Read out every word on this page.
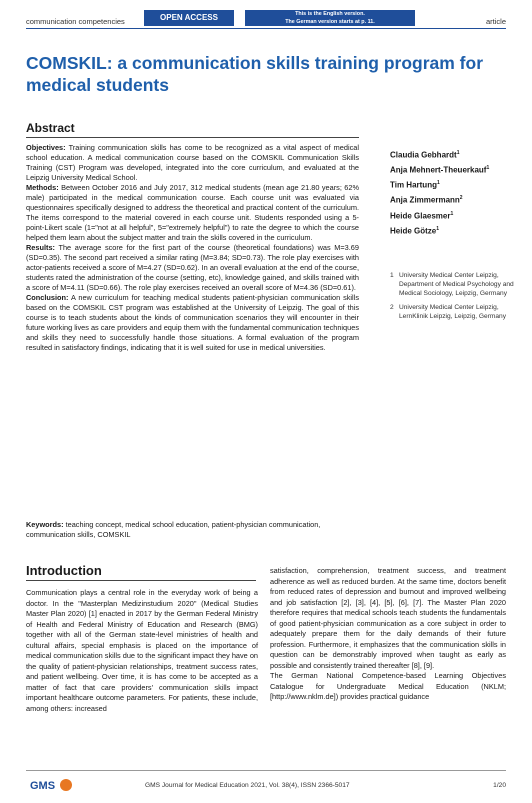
communication competencies	OPEN ACCESS	This is the English version.
The German version starts at p. 11.	article
COMSKIL: a communication skills training program for medical students
Abstract

Objectives: Training communication skills has come to be recognized as a vital aspect of medical school education. A medical communication course based on the COMSKIL Communication Skills Training (CST) Program was developed, integrated into the core curriculum, and evaluated at the Leipzig University Medical School.

Methods: Between October 2016 and July 2017, 312 medical students (mean age 21.80 years; 62% male) participated in the medical communication course. Each course unit was evaluated via questionnaires specifically designed to address the theoretical and practical content of the curriculum. The items correspond to the material covered in each course unit. Students responded using a 5-point-Likert scale (1="not at all helpful", 5="extremely helpful") to rate the degree to which the course helped them learn about the subject matter and train the skills covered in the curriculum.

Results: The average score for the first part of the course (theoretical foundations) was M=3.69 (SD=0.35). The second part received a similar rating (M=3.84; SD=0.73). The role play exercises with actor-patients received a score of M=4.27 (SD=0.62). In an overall evaluation at the end of the course, students rated the administration of the course (setting, etc), knowledge gained, and skills trained with a score of M=4.11 (SD=0.66). The role play exercises received an overall score of M=4.36 (SD=0.61).

Conclusion: A new curriculum for teaching medical students patient-physician communication skills based on the COMSKIL CST program was established at the University of Leipzig. The goal of this course is to teach students about the kinds of communication scenarios they will encounter in their future working lives as care providers and equip them with the fundamental communication techniques and skills they need to successfully handle those situations. A formal evaluation of the program resulted in satisfactory findings, indicating that it is well suited for use in medical universities.

Keywords: teaching concept, medical school education, patient-physician communication, communication skills, COMSKIL
Claudia Gebhardt$^1$
Anja Mehnert-Theuerkauf$^1$
Tim Hartung$^1$
Anja Zimmermann$^2$
Heide Glaesmer$^1$
Heide Götze$^1$
1 University Medical Center Leipzig, Department of Medical Psychology and Medical Sociology, Leipzig, Germany
2 University Medical Center Leipzig, LernKlinik Leipzig, Leipzig, Germany
Introduction

Communication plays a central role in the everyday work of being a doctor. In the "Masterplan Medizinstudium 2020" (Medical Studies Master Plan 2020) [1] enacted in 2017 by the German Federal Ministry of Health and Federal Ministry of Education and Research (BMG) together with all of the German state-level ministries of health and cultural affairs, special emphasis is placed on the importance of medical communication skills due to the significant impact they have on the quality of patient-physician relationships, treatment success rates, and patient wellbeing. Over time, it is has come to be accepted as a matter of fact that care providers' communication skills impact important healthcare outcome parameters. For patients, these include, among others: increased

satisfaction, comprehension, treatment success, and treatment adherence as well as reduced burden. At the same time, doctors benefit from reduced rates of depression and burnout and improved wellbeing and job satisfaction [2], [3], [4], [5], [6], [7]. The Master Plan 2020 therefore requires that medical schools teach students the fundamentals of good patient-physician communication as a core subject in order to adequately prepare them for the daily demands of their future profession. Furthermore, it emphasizes that the communication skills in question can be demonstrably improved when taught as early as possible and consistently trained thereafter [8], [9].

The German National Competence-based Learning Objectives Catalogue for Undergraduate Medical Education (NKLM; [http://www.nklm.de]) provides practical guidance

GMS	GMS Journal for Medical Education 2021, Vol. 38(4), ISSN 2366-5017	1/20
